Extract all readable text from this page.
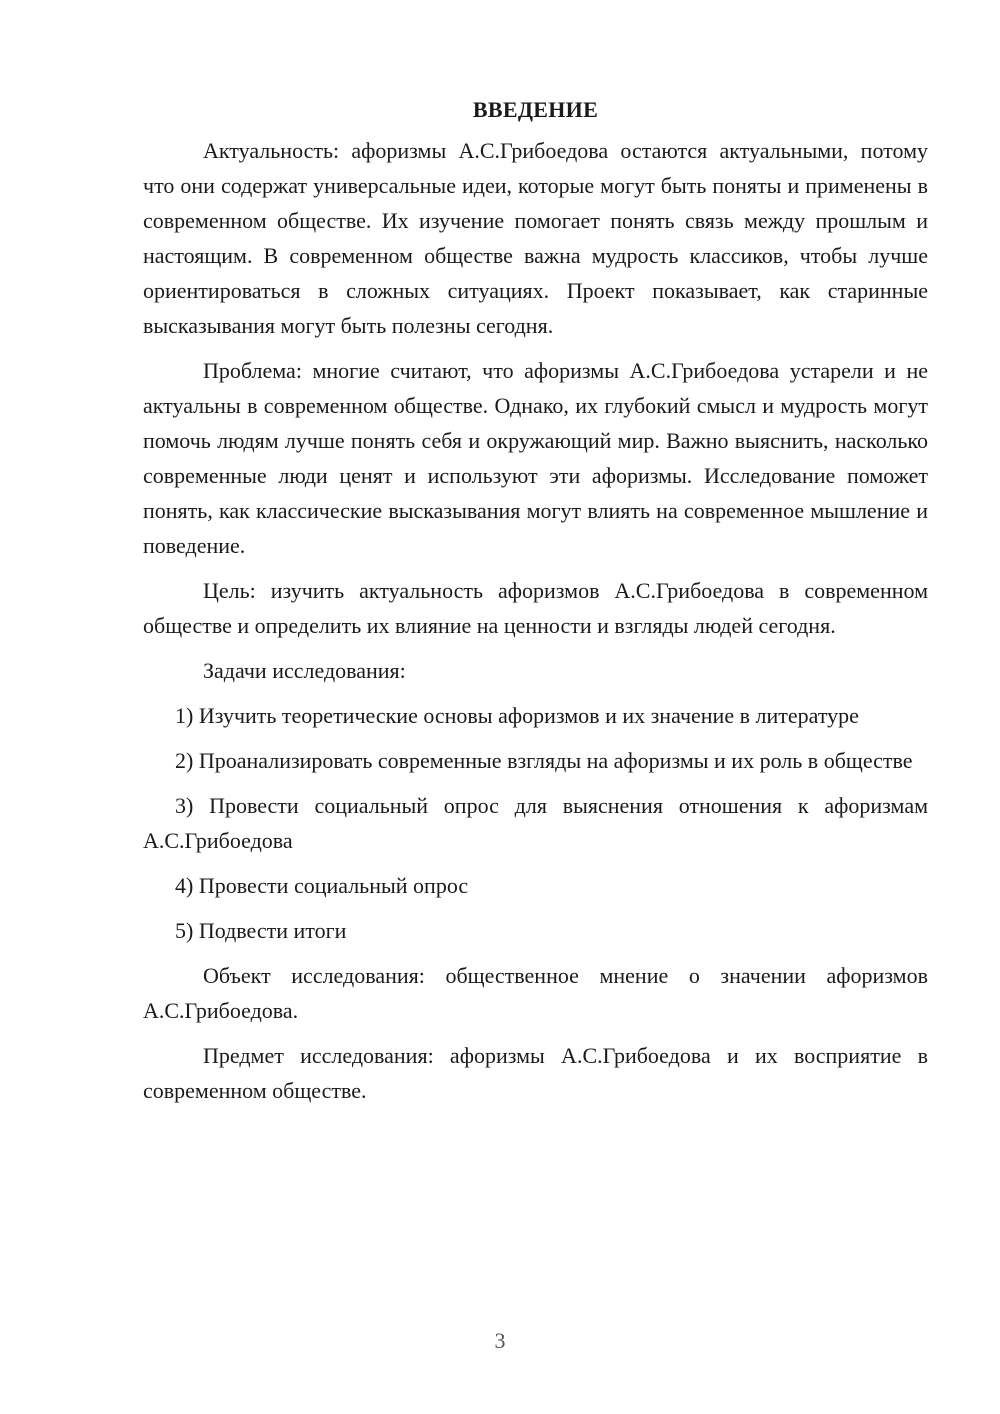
ВВЕДЕНИЕ

Актуальность: афоризмы А.С.Грибоедова остаются актуальными, потому что они содержат универсальные идеи, которые могут быть поняты и применены в современном обществе. Их изучение помогает понять связь между прошлым и настоящим. В современном обществе важна мудрость классиков, чтобы лучше ориентироваться в сложных ситуациях. Проект показывает, как старинные высказывания могут быть полезны сегодня.

Проблема: многие считают, что афоризмы А.С.Грибоедова устарели и не актуальны в современном обществе. Однако, их глубокий смысл и мудрость могут помочь людям лучше понять себя и окружающий мир. Важно выяснить, насколько современные люди ценят и используют эти афоризмы. Исследование поможет понять, как классические высказывания могут влиять на современное мышление и поведение.

Цель: изучить актуальность афоризмов А.С.Грибоедова в современном обществе и определить их влияние на ценности и взгляды людей сегодня.

Задачи исследования:

1) Изучить теоретические основы афоризмов и их значение в литературе

2) Проанализировать современные взгляды на афоризмы и их роль в обществе

3) Провести социальный опрос для выяснения отношения к афоризмам А.С.Грибоедова

4) Провести социальный опрос

5) Подвести итоги

Объект исследования: общественное мнение о значении афоризмов А.С.Грибоедова.

Предмет исследования: афоризмы А.С.Грибоедова и их восприятие в современном обществе.

3
